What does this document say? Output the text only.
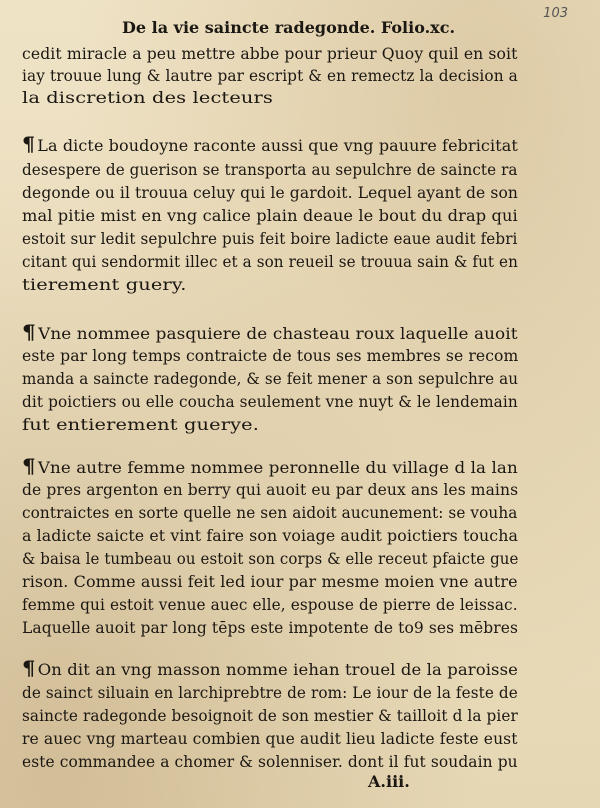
103
De la vie saincte radegonde. Folio.xc.
cedit miracle a peu mettre abbe pour prieur Quoy quil en soit
iay trouue lung & lautre par escript & en remectz la decision a
la discretion des lecteurs
¶ La dicte boudoyne raconte aussi que vng pauure febricitat
desespere de guerison se transporta au sepulchre de saincte ra
degonde ou il trouua celuy qui le gardoit. Lequel ayant de son
mal pitie mist en vng calice plain deaue le bout du drap qui
estoit sur ledit sepulchre puis feit boire ladicte eaue audit febri
citant qui sendormit illec et a son reueil se trouua sain & fut en
tierement guery.
¶ Vne nommee pasquiere de chasteau roux laquelle auoit
este par long temps contraicte de tous ses membres se recom
manda a saincte radegonde, & se feit mener a son sepulchre au
dit poictiers ou elle coucha seulement vne nuyt & le lendemain
fut entierement guerye.
¶ Vne autre femme nommee peronnelle du village d la lan
de pres argenton en berry qui auoit eu par deux ans les mains
contraictes en sorte quelle ne sen aidoit aucunement: se vouha
a ladicte saicte et vint faire son voiage audit poictiers toucha
& baisa le tumbeau ou estoit son corps & elle receut pfaicte gue
rison. Comme aussi feit led iour par mesme moien vne autre
femme qui estoit venue auec elle, espouse de pierre de leissac.
Laquelle auoit par long tēps este impotente de to9 ses mēbres
¶ On dit an vng masson nomme iehan trouel de la paroisse
de sainct siluain en larchiprebtre de rom: Le iour de la feste de
saincte radegonde besoignoit de son mestier & tailloit d la pier
re auec vng marteau combien que audit lieu ladicte feste eust
este commandee a chomer & solenniser. dont il fut soudain pu
A.iii.
